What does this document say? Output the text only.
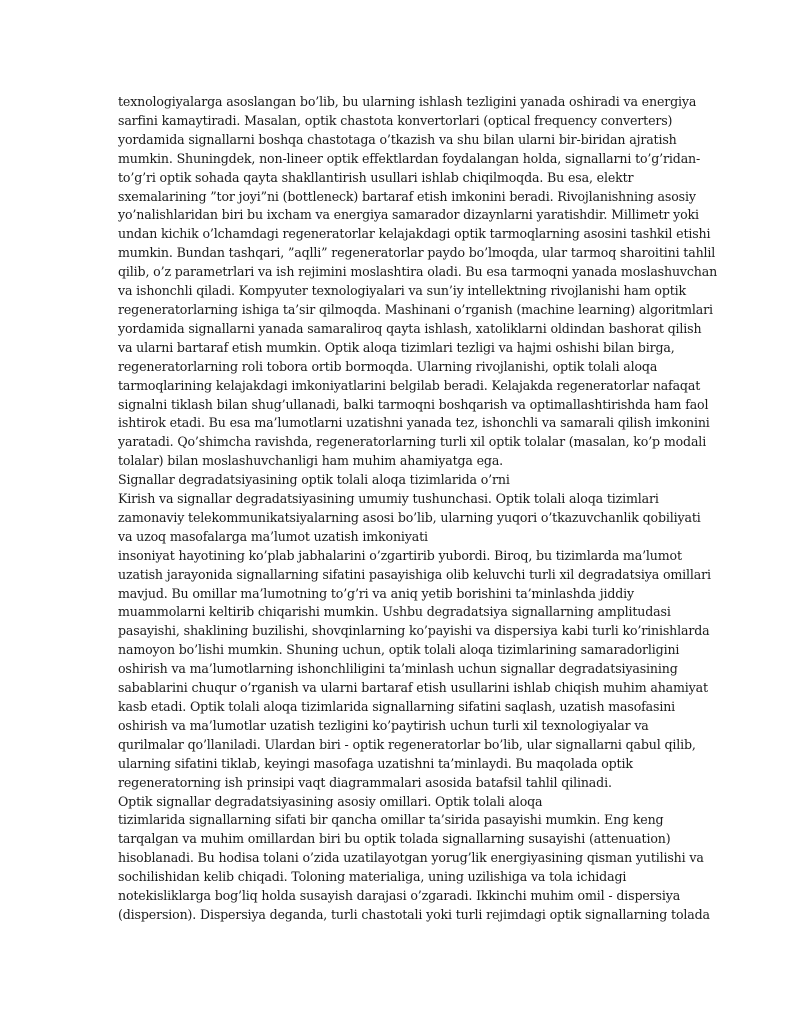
texnologiyalarga asoslangan bo’lib, bu ularning ishlash tezligini yanada oshiradi va energiya
sarfini kamaytiradi. Masalan, optik chastota konvertorlari (optical frequency converters)
yordamida signallarni boshqa chastotaga o’tkazish va shu bilan ularni bir-biridan ajratish
mumkin. Shuningdek, non-lineer optik effektlardan foydalangan holda, signallarni to’g’ridan-
to’g’ri optik sohada qayta shakllantirish usullari ishlab chiqilmoqda. Bu esa, elektr
sxemalarining ”tor joyi”ni (bottleneck) bartaraf etish imkonini beradi. Rivojlanishning asosiy
yo’nalishlaridan biri bu ixcham va energiya samarador dizaynlarni yaratishdir. Millimetr yoki
undan kichik o’lchamdagi regeneratorlar kelajakdagi optik tarmoqlarning asosini tashkil etishi
mumkin. Bundan tashqari, ”aqlli” regeneratorlar paydo bo’lmoqda, ular tarmoq sharoitini tahlil
qilib, o’z parametrlari va ish rejimini moslashtira oladi. Bu esa tarmoqni yanada moslashuvchan
va ishonchli qiladi. Kompyuter texnologiyalari va sun’iy intellektning rivojlanishi ham optik
regeneratorlarning ishiga ta’sir qilmoqda. Mashinani o’rganish (machine learning) algoritmlari
yordamida signallarni yanada samaraliroq qayta ishlash, xatoliklarni oldindan bashorat qilish
va ularni bartaraf etish mumkin. Optik aloqa tizimlari tezligi va hajmi oshishi bilan birga,
regeneratorlarning roli tobora ortib bormoqda. Ularning rivojlanishi, optik tolali aloqa
tarmoqlarining kelajakdagi imkoniyatlarini belgilab beradi. Kelajakda regeneratorlar nafaqat
signalni tiklash bilan shug’ullanadi, balki tarmoqni boshqarish va optimallashtirishda ham faol
ishtirok etadi. Bu esa ma’lumotlarni uzatishni yanada tez, ishonchli va samarali qilish imkonini
yaratadi. Qo’shimcha ravishda, regeneratorlarning turli xil optik tolalar (masalan, ko’p modali
tolalar) bilan moslashuvchanligi ham muhim ahamiyatga ega.
Signallar degradatsiyasining optik tolali aloqa tizimlarida o’rni
Kirish va signallar degradatsiyasining umumiy tushunchasi. Optik tolali aloqa tizimlari
zamonaviy telekommunikatsiyalarning asosi bo’lib, ularning yuqori o’tkazuvchanlik qobiliyati
va uzoq masofalarga ma’lumot uzatish imkoniyati
insoniyat hayotining ko’plab jabhalarini o’zgartirib yubordi. Biroq, bu tizimlarda ma’lumot
uzatish jarayonida signallarning sifatini pasayishiga olib keluvchi turli xil degradatsiya omillari
mavjud. Bu omillar ma’lumotning to’g’ri va aniq yetib borishini ta’minlashda jiddiy
muammolarni keltirib chiqarishi mumkin. Ushbu degradatsiya signallarning amplitudasi
pasayishi, shaklining buzilishi, shovqinlarning ko’payishi va dispersiya kabi turli ko’rinishlarda
namoyon bo’lishi mumkin. Shuning uchun, optik tolali aloqa tizimlarining samaradorligini
oshirish va ma’lumotlarning ishonchliligini ta’minlash uchun signallar degradatsiyasining
sabablarini chuqur o’rganish va ularni bartaraf etish usullarini ishlab chiqish muhim ahamiyat
kasb etadi. Optik tolali aloqa tizimlarida signallarning sifatini saqlash, uzatish masofasini
oshirish va ma’lumotlar uzatish tezligini ko’paytirish uchun turli xil texnologiyalar va
qurilmalar qo’llaniladi. Ulardan biri - optik regeneratorlar bo’lib, ular signallarni qabul qilib,
ularning sifatini tiklab, keyingi masofaga uzatishni ta’minlaydi. Bu maqolada optik
regeneratorning ish prinsipi vaqt diagrammalari asosida batafsil tahlil qilinadi.
Optik signallar degradatsiyasining asosiy omillari. Optik tolali aloqa
tizimlarida signallarning sifati bir qancha omillar ta’sirida pasayishi mumkin. Eng keng
tarqalgan va muhim omillardan biri bu optik tolada signallarning susayishi (attenuation)
hisoblanadi. Bu hodisa tolani o’zida uzatilayotgan yorug’lik energiyasining qisman yutilishi va
sochilishidan kelib chiqadi. Toloning materialiga, uning uzilishiga va tola ichidagi
notekisliklarga bog’liq holda susayish darajasi o’zgaradi. Ikkinchi muhim omil - dispersiya
(dispersion). Dispersiya deganda, turli chastotali yoki turli rejimdagi optik signallarning tolada
